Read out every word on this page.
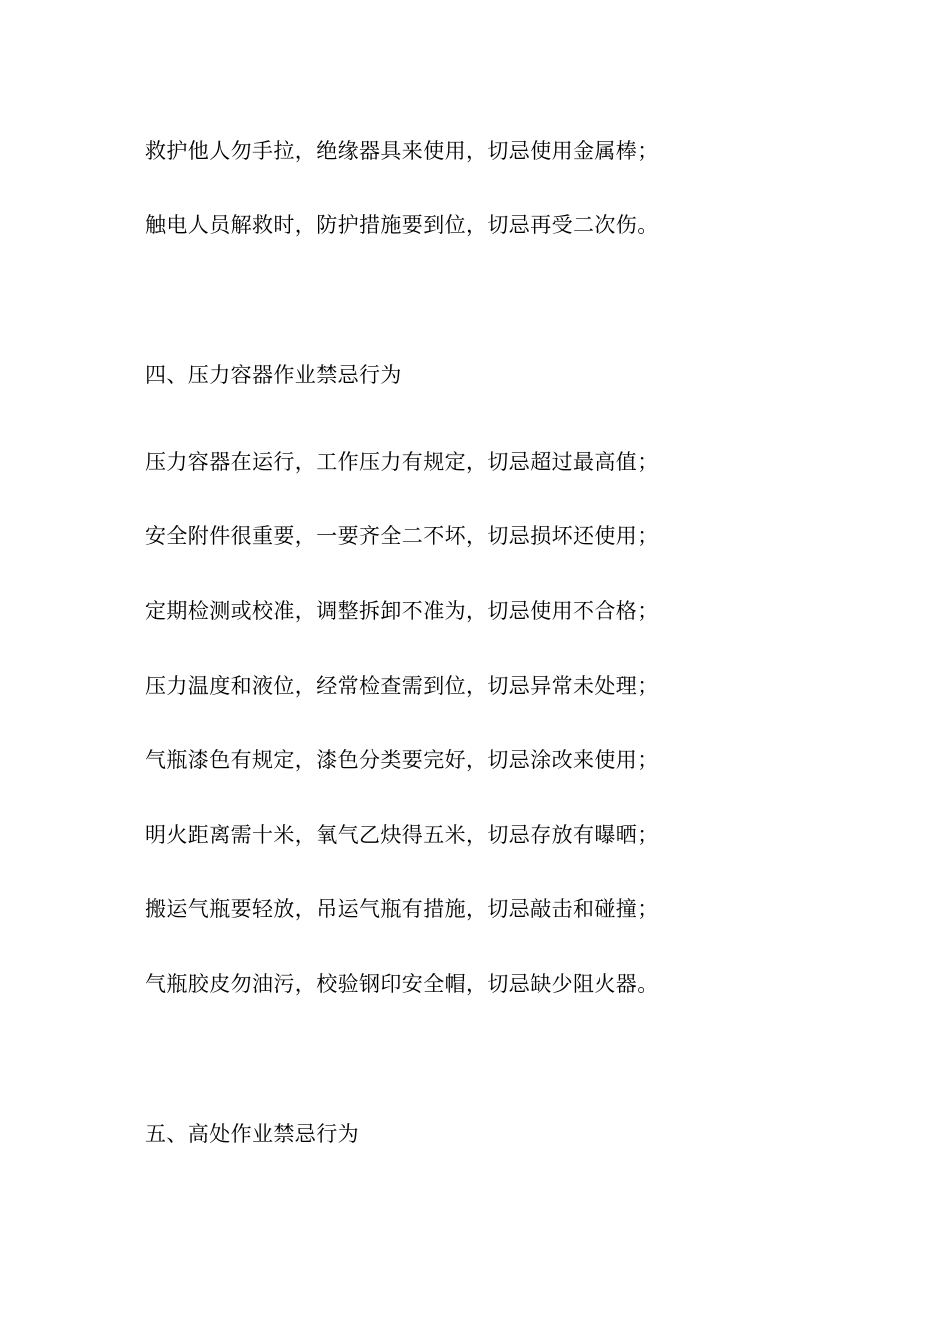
救护他人勿手拉，绝缘器具来使用，切忌使用金属棒；

触电人员解救时，防护措施要到位，切忌再受二次伤。

四、压力容器作业禁忌行为

压力容器在运行，工作压力有规定，切忌超过最高值；

安全附件很重要，一要齐全二不坏，切忌损坏还使用；

定期检测或校准，调整拆卸不准为，切忌使用不合格；

压力温度和液位，经常检查需到位，切忌异常未处理；

气瓶漆色有规定，漆色分类要完好，切忌涂改来使用；

明火距离需十米，氧气乙炔得五米，切忌存放有曝晒；

搬运气瓶要轻放，吊运气瓶有措施，切忌敲击和碰撞；

气瓶胶皮勿油污，校验钢印安全帽，切忌缺少阻火器。

五、高处作业禁忌行为
